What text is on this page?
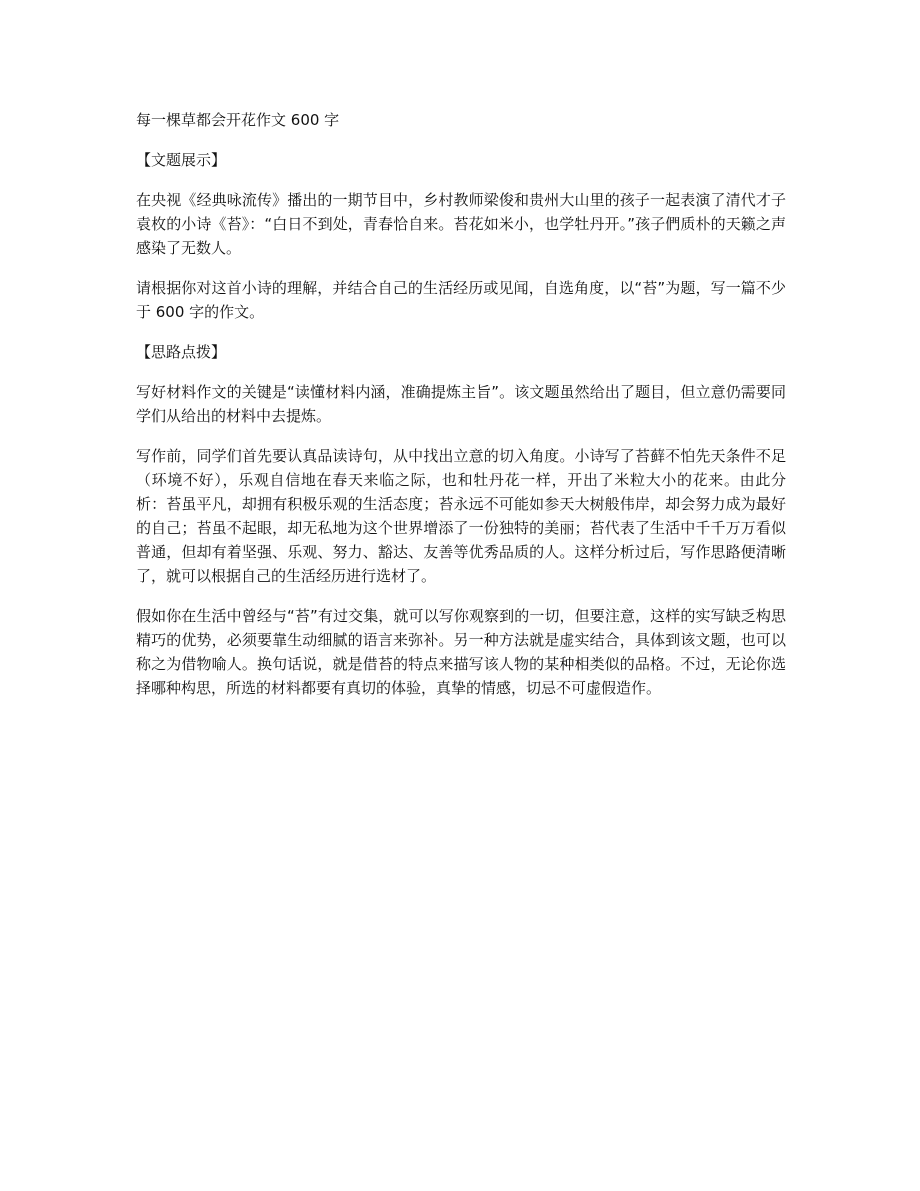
每一棵草都会开花作文 600 字

【文题展示】

在央视《经典咏流传》播出的一期节目中，乡村教师梁俊和贵州大山里的孩子一起表演了清代才子袁枚的小诗《苔》：“白日不到处，青春恰自来。苔花如米小，也学牡丹开。”孩子們质朴的天籁之声感染了无数人。

请根据你对这首小诗的理解，并结合自己的生活经历或见闻，自选角度，以“苔”为题，写一篇不少于 600 字的作文。

【思路点拨】

写好材料作文的关键是“读懂材料内涵，准确提炼主旨”。该文题虽然给出了题目，但立意仍需要同学们从给出的材料中去提炼。

写作前，同学们首先要认真品读诗句，从中找出立意的切入角度。小诗写了苔藓不怕先天条件不足（环境不好），乐观自信地在春天来临之际，也和牡丹花一样，开出了米粒大小的花来。由此分析：苔虽平凡，却拥有积极乐观的生活态度；苔永远不可能如参天大树般伟岸，却会努力成为最好的自己；苔虽不起眼，却无私地为这个世界增添了一份独特的美丽；苔代表了生活中千千万万看似普通，但却有着坚强、乐观、努力、豁达、友善等优秀品质的人。这样分析过后，写作思路便清晰了，就可以根据自己的生活经历进行选材了。

假如你在生活中曾经与“苔”有过交集，就可以写你观察到的一切，但要注意，这样的实写缺乏构思精巧的优势，必须要靠生动细腻的语言来弥补。另一种方法就是虚实结合，具体到该文题，也可以称之为借物喻人。换句话说，就是借苔的特点来描写该人物的某种相类似的品格。不过，无论你选择哪种构思，所选的材料都要有真切的体验，真挚的情感，切忌不可虚假造作。
